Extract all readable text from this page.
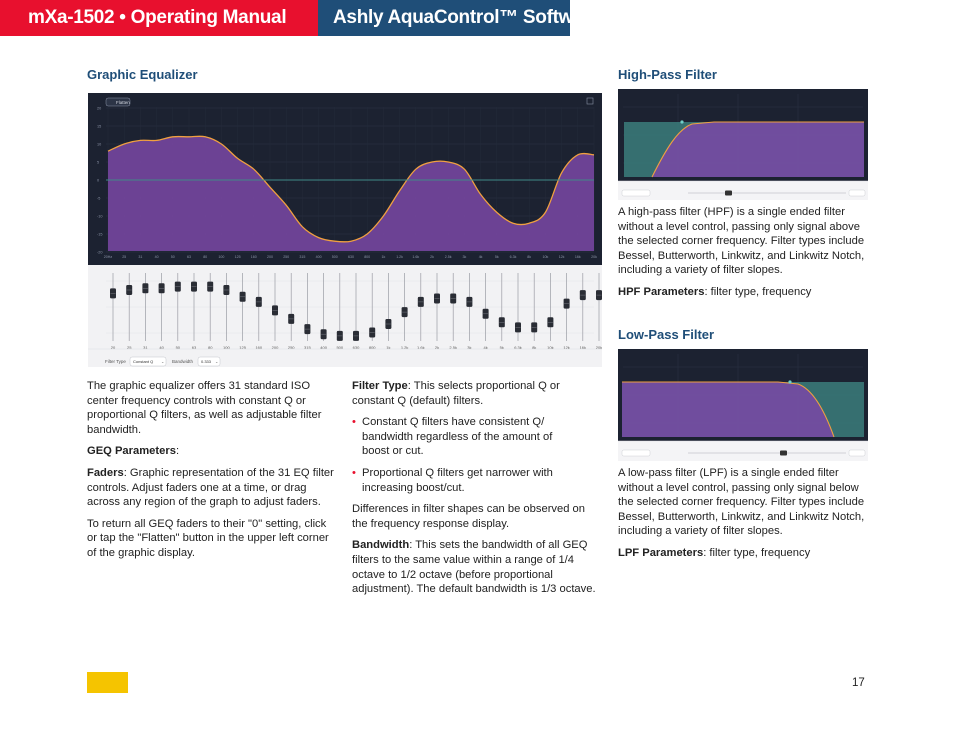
mXa-1502 • Operating Manual Ashly AquaControl™ Software
Graphic Equalizer	High-Pass Filter
Low-Pass Filter
Flatten
20
15
10
5
0
-5
-10
-15
-20
20Hz	25	31	40	50	63	80	100	125	160	200	250	315	400	500	630	800	1k	1.2k	1.6k	2k	2.5k	3k	4k	5k	6.3k	8k	10k	12k	16k	20k
20	25	31	40	50	63	80	100 125 160 200 250 315 400 500 630 800	1k	1.2k 1.6k	2k	2.5k	3k	4k	5k	6.3k	8k	10k 12k 16k 20k
Filter Type Constant Q ⌄ Bandwidth 0.333 ⌄

The graphic equalizer offers 31 standard ISO center frequency controls with constant Q or proportional Q filters, as well as adjustable filter bandwidth.

GEQ Parameters:

Faders: Graphic representation of the 31 EQ filter controls. Adjust faders one at a time, or drag across any region of the graph to adjust faders.

To return all GEQ faders to their "0" setting, click or tap the "Flatten" button in the upper left corner of the graphic display.

Filter Type: This selects proportional Q or constant Q (default) filters.

• Constant Q filters have consistent Q/ bandwidth regardless of the amount of boost or cut.

• Proportional Q filters get narrower with increasing boost/cut.

Differences in filter shapes can be observed on the frequency response display.

Bandwidth: This sets the bandwidth of all GEQ filters to the same value within a range of 1/4 octave to 1/2 octave (before proportional adjustment). The default bandwidth is 1/3 octave.

A high-pass filter (HPF) is a single ended filter without a level control, passing only signal above the selected corner frequency. Filter types include Bessel, Butterworth, Linkwitz, and Linkwitz Notch, including a variety of filter slopes.

HPF Parameters: filter type, frequency

A low-pass filter (LPF) is a single ended filter without a level control, passing only signal below the selected corner frequency. Filter types include Bessel, Butterworth, Linkwitz, and Linkwitz Notch, including a variety of filter slopes.

LPF Parameters: filter type, frequency

17
